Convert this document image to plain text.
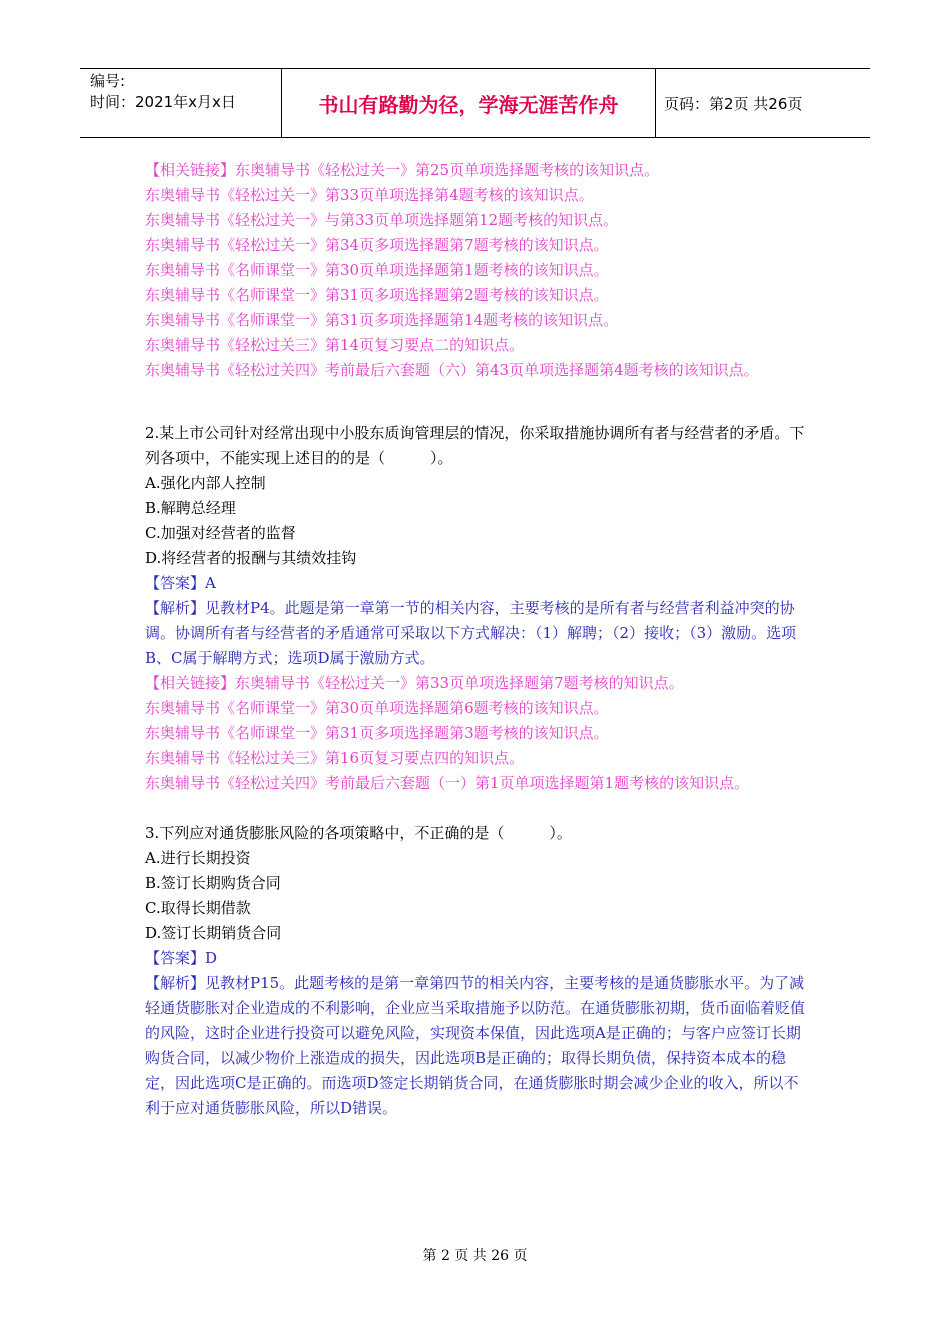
编号:
时间：2021年x月x日	书山有路勤为径，学海无涯苦作舟	页码：第2页 共26页
【相关链接】东奥辅导书《轻松过关一》第25页单项选择题考核的该知识点。
东奥辅导书《轻松过关一》第33页单项选择第4题考核的该知识点。
东奥辅导书《轻松过关一》与第33页单项选择题第12题考核的知识点。
东奥辅导书《轻松过关一》第34页多项选择题第7题考核的该知识点。
东奥辅导书《名师课堂一》第30页单项选择题第1题考核的该知识点。
东奥辅导书《名师课堂一》第31页多项选择题第2题考核的该知识点。
东奥辅导书《名师课堂一》第31页多项选择题第14题考核的该知识点。
东奥辅导书《轻松过关三》第14页复习要点二的知识点。
东奥辅导书《轻松过关四》考前最后六套题（六）第43页单项选择题第4题考核的该知识点。
2.某上市公司针对经常出现中小股东质询管理层的情况，你采取措施协调所有者与经营者的矛盾。下列各项中，不能实现上述目的的是（　　　）。
A.强化内部人控制
B.解聘总经理
C.加强对经营者的监督
D.将经营者的报酬与其绩效挂钩
【答案】A
【解析】见教材P4。此题是第一章第一节的相关内容，主要考核的是所有者与经营者利益冲突的协调。协调所有者与经营者的矛盾通常可采取以下方式解决：（1）解聘；（2）接收；（3）激励。选项B、C属于解聘方式；选项D属于激励方式。
【相关链接】东奥辅导书《轻松过关一》第33页单项选择题第7题考核的知识点。
东奥辅导书《名师课堂一》第30页单项选择题第6题考核的该知识点。
东奥辅导书《名师课堂一》第31页多项选择题第3题考核的该知识点。
东奥辅导书《轻松过关三》第16页复习要点四的知识点。
东奥辅导书《轻松过关四》考前最后六套题（一）第1页单项选择题第1题考核的该知识点。
3.下列应对通货膨胀风险的各项策略中，不正确的是（　　　）。
A.进行长期投资
B.签订长期购货合同
C.取得长期借款
D.签订长期销货合同
【答案】D
【解析】见教材P15。此题考核的是第一章第四节的相关内容，主要考核的是通货膨胀水平。为了减轻通货膨胀对企业造成的不利影响，企业应当采取措施予以防范。在通货膨胀初期，货币面临着贬值的风险，这时企业进行投资可以避免风险，实现资本保值，因此选项A是正确的；与客户应签订长期购货合同，以减少物价上涨造成的损失，因此选项B是正确的；取得长期负债，保持资本成本的稳定，因此选项C是正确的。而选项D签定长期销货合同，在通货膨胀时期会减少企业的收入，所以不利于应对通货膨胀风险，所以D错误。
第 2 页 共 26 页
